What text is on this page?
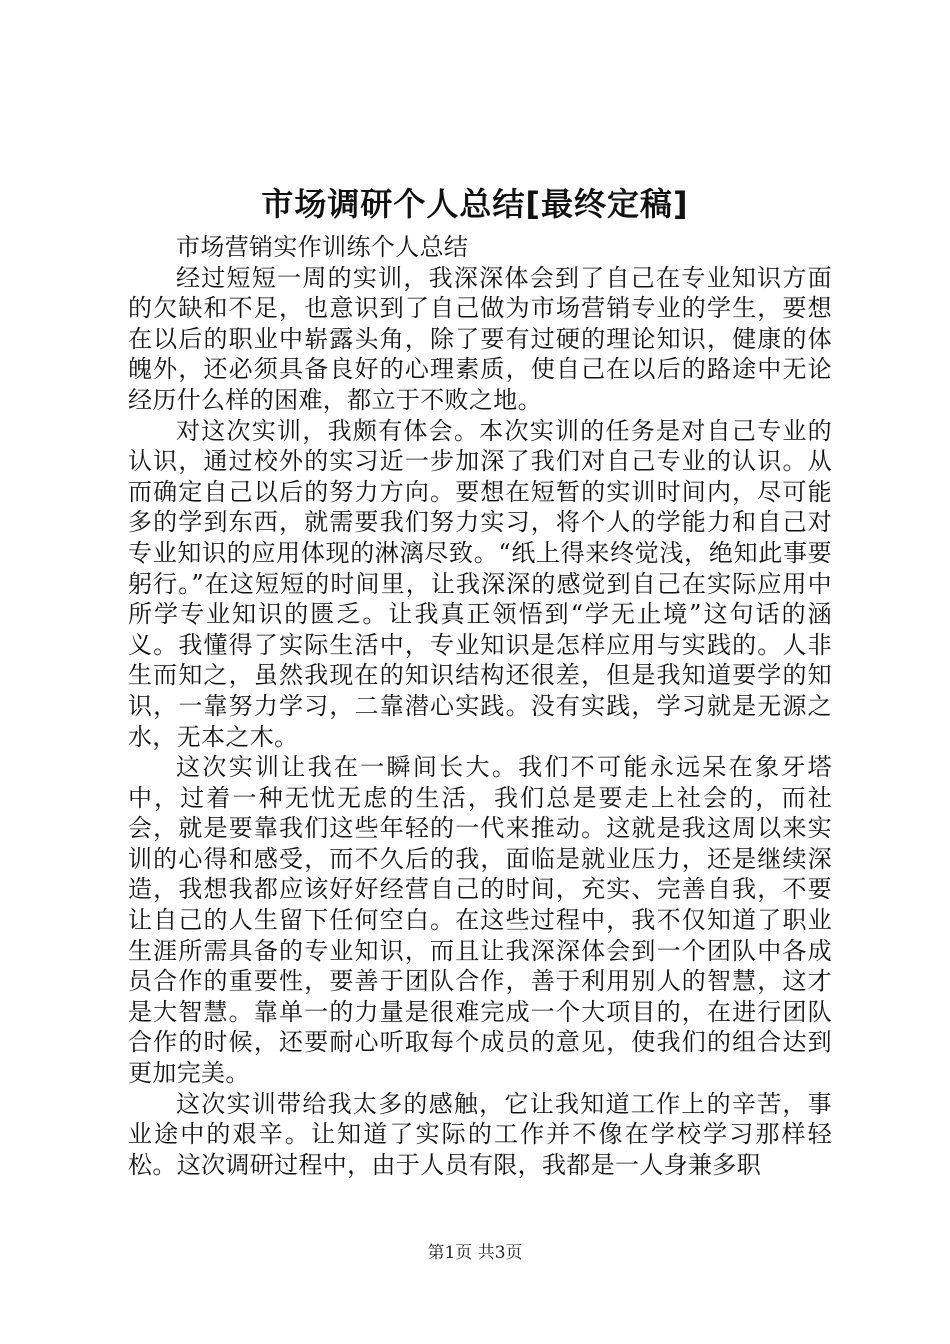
市场调研个人总结[最终定稿]

市场营销实作训练个人总结

经过短短一周的实训，我深深体会到了自己在专业知识方面的欠缺和不足，也意识到了自己做为市场营销专业的学生，要想在以后的职业中崭露头角，除了要有过硬的理论知识，健康的体魄外，还必须具备良好的心理素质，使自己在以后的路途中无论经历什么样的困难，都立于不败之地。

对这次实训，我颇有体会。本次实训的任务是对自己专业的认识，通过校外的实习近一步加深了我们对自己专业的认识。从而确定自己以后的努力方向。要想在短暂的实训时间内，尽可能多的学到东西，就需要我们努力实习，将个人的学能力和自己对专业知识的应用体现的淋漓尽致。“纸上得来终觉浅，绝知此事要躬行。”在这短短的时间里，让我深深的感觉到自己在实际应用中所学专业知识的匮乏。让我真正领悟到“学无止境”这句话的涵义。我懂得了实际生活中，专业知识是怎样应用与实践的。人非生而知之，虽然我现在的知识结构还很差，但是我知道要学的知识，一靠努力学习，二靠潜心实践。没有实践，学习就是无源之水，无本之木。

这次实训让我在一瞬间长大。我们不可能永远呆在象牙塔中，过着一种无忧无虑的生活，我们总是要走上社会的，而社会，就是要靠我们这些年轻的一代来推动。这就是我这周以来实训的心得和感受，而不久后的我，面临是就业压力，还是继续深造，我想我都应该好好经营自己的时间，充实、完善自我，不要让自己的人生留下任何空白。在这些过程中，我不仅知道了职业生涯所需具备的专业知识，而且让我深深体会到一个团队中各成员合作的重要性，要善于团队合作，善于利用别人的智慧，这才是大智慧。靠单一的力量是很难完成一个大项目的，在进行团队合作的时候，还要耐心听取每个成员的意见，使我们的组合达到更加完美。

这次实训带给我太多的感触，它让我知道工作上的辛苦，事业途中的艰辛。让知道了实际的工作并不像在学校学习那样轻松。这次调研过程中，由于人员有限，我都是一人身兼多职

第1页 共3页
